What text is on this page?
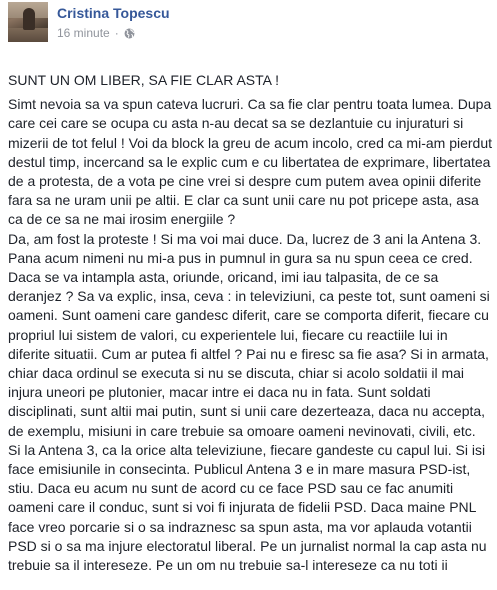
Cristina Topescu
16 minute ·
SUNT UN OM LIBER, SA FIE CLAR ASTA !
Simt nevoia sa va spun cateva lucruri. Ca sa fie clar pentru toata lumea. Dupa care cei care se ocupa cu asta n-au decat sa se dezlantuie cu injuraturi si mizerii de tot felul ! Voi da block la greu de acum incolo, cred ca mi-am pierdut destul timp, incercand sa le explic cum e cu libertatea de exprimare, libertatea de a protesta, de a vota pe cine vrei si despre cum putem avea opinii diferite fara sa ne uram unii pe altii. E clar ca sunt unii care nu pot pricepe asta, asa ca de ce sa ne mai irosim energiile ?
Da, am fost la proteste ! Si ma voi mai duce. Da, lucrez de 3 ani la Antena 3. Pana acum nimeni nu mi-a pus in pumnul in gura sa nu spun ceea ce cred. Daca se va intampla asta, oriunde, oricand, imi iau talpasita, de ce sa deranjez ? Sa va explic, insa, ceva : in televiziuni, ca peste tot, sunt oameni si oameni. Sunt oameni care gandesc diferit, care se comporta diferit, fiecare cu propriul lui sistem de valori, cu experientele lui, fiecare cu reactiile lui in diferite situatii. Cum ar putea fi altfel ? Pai nu e firesc sa fie asa? Si in armata, chiar daca ordinul se executa si nu se discuta, chiar si acolo soldatii il mai injura uneori pe plutonier, macar intre ei daca nu in fata. Sunt soldati disciplinati, sunt altii mai putin, sunt si unii care dezerteaza, daca nu accepta, de exemplu, misiuni in care trebuie sa omoare oameni nevinovati, civili, etc.
Si la Antena 3, ca la orice alta televiziune, fiecare gandeste cu capul lui. Si isi face emisiunile in consecinta. Publicul Antena 3 e in mare masura PSD-ist, stiu. Daca eu acum nu sunt de acord cu ce face PSD sau ce fac anumiti oameni care il conduc, sunt si voi fi injurata de fidelii PSD. Daca maine PNL face vreo porcarie si o sa indraznesc sa spun asta, ma vor aplauda votantii PSD si o sa ma injure electoratul liberal. Pe un jurnalist normal la cap asta nu trebuie sa il intereseze. Pe un om nu trebuie sa-l intereseze ca nu toti ii
